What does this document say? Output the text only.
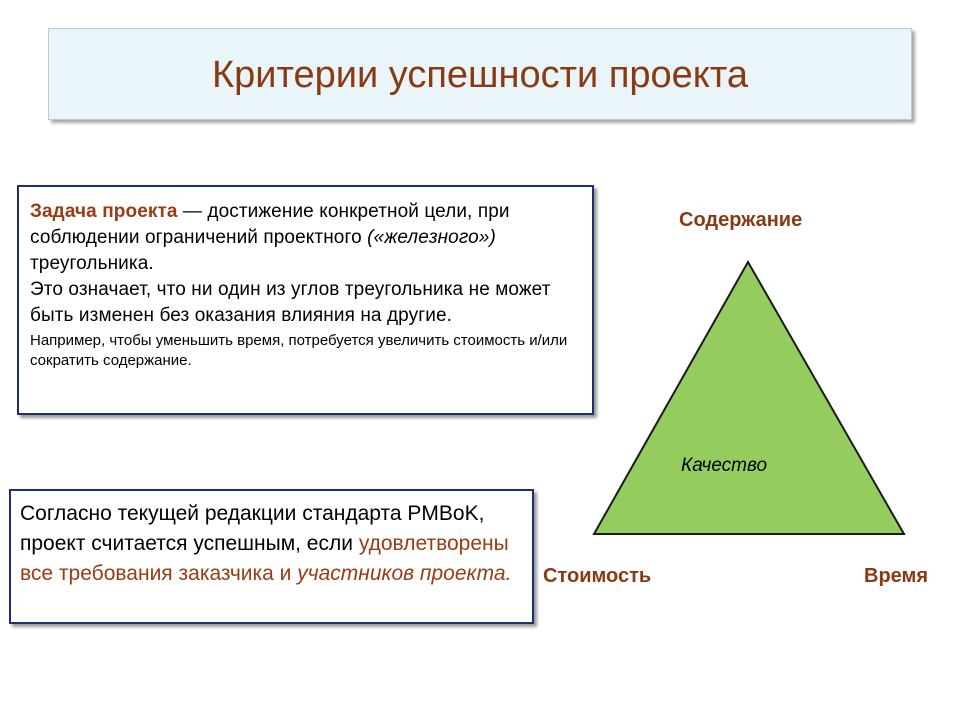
Критерии успешности проекта
Задача проекта — достижение конкретной цели, при соблюдении ограничений проектного («железного») треугольника.
Это означает, что ни один из углов треугольника не может быть изменен без оказания влияния на другие.
Например, чтобы уменьшить время, потребуется увеличить стоимость и/или сократить содержание.
Согласно текущей редакции стандарта PMBoK, проект считается успешным, если удовлетворены все требования заказчика и участников проекта.
Содержание
Стоимость	Время
Качество
